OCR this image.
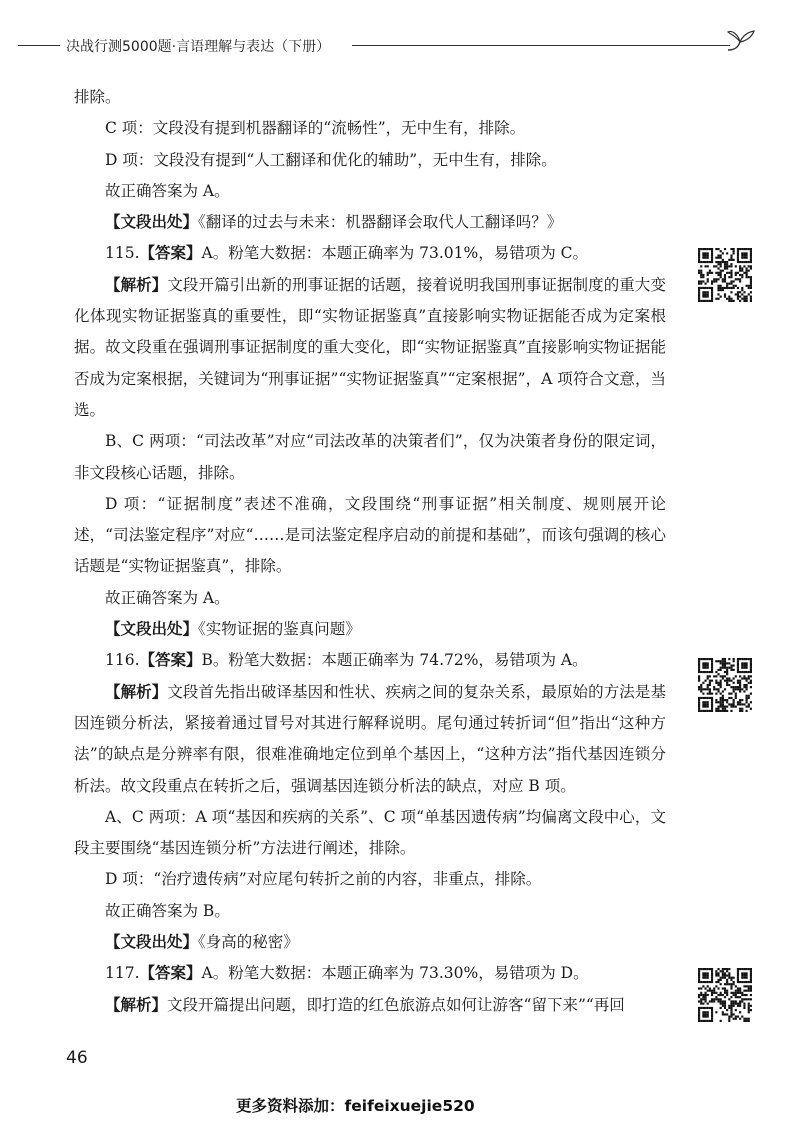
决战行测5000题·言语理解与表达（下册）

排除。

C 项：文段没有提到机器翻译的“流畅性”，无中生有，排除。

D 项：文段没有提到“人工翻译和优化的辅助”，无中生有，排除。

故正确答案为 A。

【文段出处】《翻译的过去与未来：机器翻译会取代人工翻译吗？》

115.【答案】A。粉笔大数据：本题正确率为 73.01%，易错项为 C。

【解析】文段开篇引出新的刑事证据的话题，接着说明我国刑事证据制度的重大变化体现实物证据鉴真的重要性，即“实物证据鉴真”直接影响实物证据能否成为定案根据。故文段重在强调刑事证据制度的重大变化，即“实物证据鉴真”直接影响实物证据能否成为定案根据，关键词为“刑事证据”“实物证据鉴真”“定案根据”，A 项符合文意，当选。

B、C 两项：“司法改革”对应“司法改革的决策者们”，仅为决策者身份的限定词，非文段核心话题，排除。

D 项：“证据制度”表述不准确，文段围绕“刑事证据”相关制度、规则展开论述，“司法鉴定程序”对应“……是司法鉴定程序启动的前提和基础”，而该句强调的核心话题是“实物证据鉴真”，排除。

故正确答案为 A。

【文段出处】《实物证据的鉴真问题》

116.【答案】B。粉笔大数据：本题正确率为 74.72%，易错项为 A。

【解析】文段首先指出破译基因和性状、疾病之间的复杂关系，最原始的方法是基因连锁分析法，紧接着通过冒号对其进行解释说明。尾句通过转折词“但”指出“这种方法”的缺点是分辨率有限，很难准确地定位到单个基因上，“这种方法”指代基因连锁分析法。故文段重点在转折之后，强调基因连锁分析法的缺点，对应 B 项。

A、C 两项：A 项“基因和疾病的关系”、C 项“单基因遗传病”均偏离文段中心，文段主要围绕“基因连锁分析”方法进行阐述，排除。

D 项：“治疗遗传病”对应尾句转折之前的内容，非重点，排除。

故正确答案为 B。

【文段出处】《身高的秘密》

117.【答案】A。粉笔大数据：本题正确率为 73.30%，易错项为 D。

【解析】文段开篇提出问题，即打造的红色旅游点如何让游客“留下来”“再回

46
更多资料添加：feifeixuejie520
